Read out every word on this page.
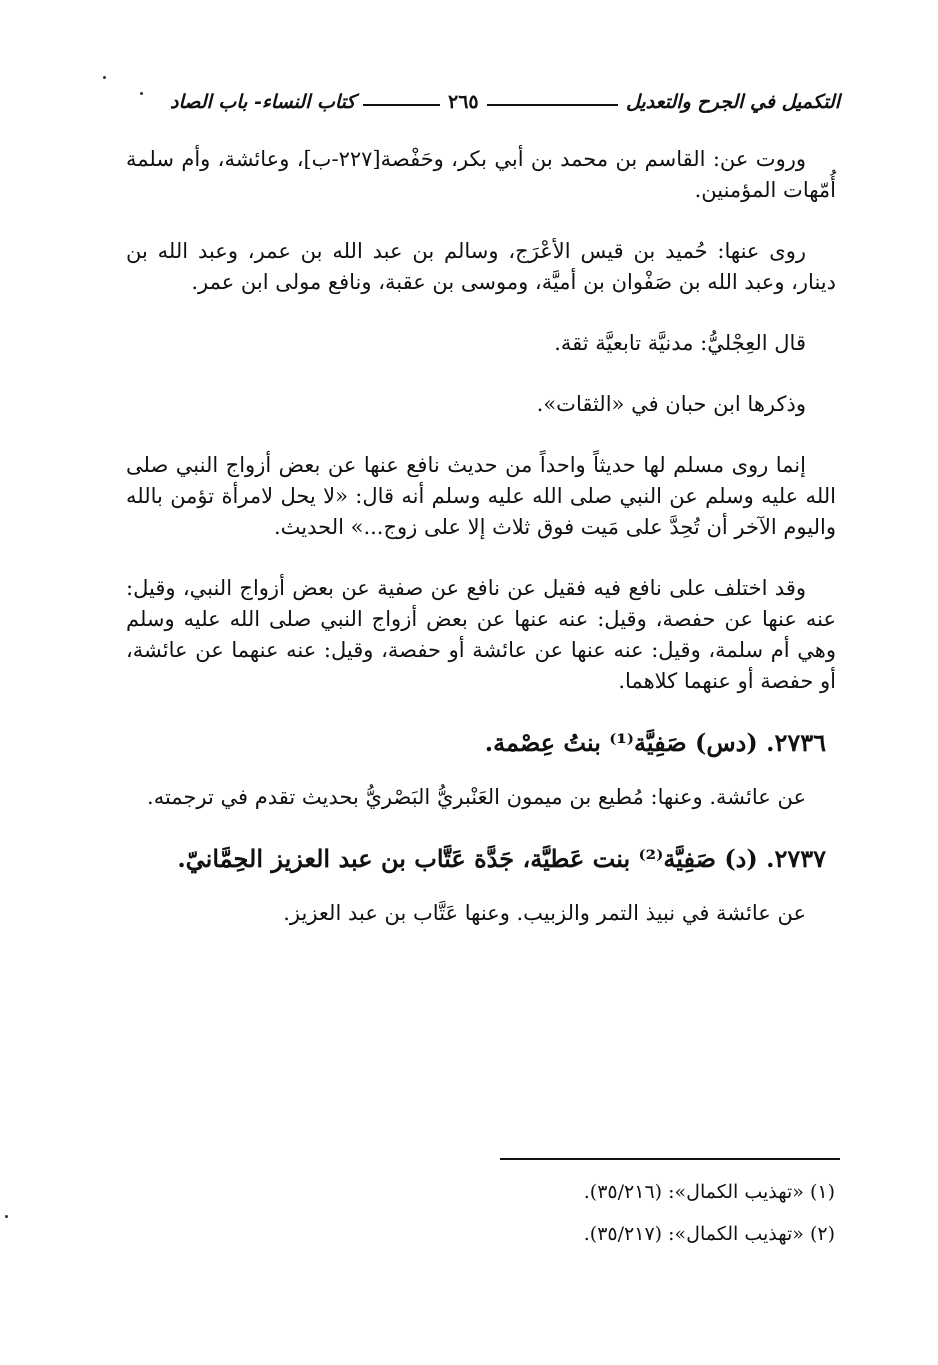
التكميل في الجرح والتعديل
٢٦٥
كتاب النساء- باب الصاد

وروت عن: القاسم بن محمد بن أبي بكر، وحَفْصة[٢٢٧-ب]، وعائشة، وأم سلمة أُمّهات المؤمنين.

روى عنها: حُميد بن قيس الأعْرَج، وسالم بن عبد الله بن عمر، وعبد الله بن دينار، وعبد الله بن صَفْوان بن أميَّة، وموسى بن عقبة، ونافع مولى ابن عمر.

قال العِجْليُّ: مدنيَّة تابعيَّة ثقة.

وذكرها ابن حبان في «الثقات».

إنما روى مسلم لها حديثاً واحداً من حديث نافع عنها عن بعض أزواج النبي صلى الله عليه وسلم عن النبي صلى الله عليه وسلم أنه قال: «لا يحل لامرأة تؤمن بالله واليوم الآخر أن تُحِدَّ على مَيت فوق ثلاث إلا على زوج...» الحديث.

وقد اختلف على نافع فيه فقيل عن نافع عن صفية عن بعض أزواج النبي، وقيل: عنه عنها عن حفصة، وقيل: عنه عنها عن بعض أزواج النبي صلى الله عليه وسلم وهي أم سلمة، وقيل: عنه عنها عن عائشة أو حفصة، وقيل: عنه عنهما عن عائشة، أو حفصة أو عنهما كلاهما.

٢٧٣٦. (دس) صَفِيَّة⁽¹⁾ بنتُ عِصْمة.

عن عائشة. وعنها: مُطيع بن ميمون العَنْبريُّ البَصْريُّ بحديث تقدم في ترجمته.

٢٧٣٧. (د) صَفِيَّة⁽²⁾ بنت عَطيَّة، جَدَّة عَتَّاب بن عبد العزيز الحِمَّانيّ.

عن عائشة في نبيذ التمر والزبيب. وعنها عَتَّاب بن عبد العزيز.

(١) «تهذيب الكمال»: (٣٥/٢١٦).

(٢) «تهذيب الكمال»: (٣٥/٢١٧).
